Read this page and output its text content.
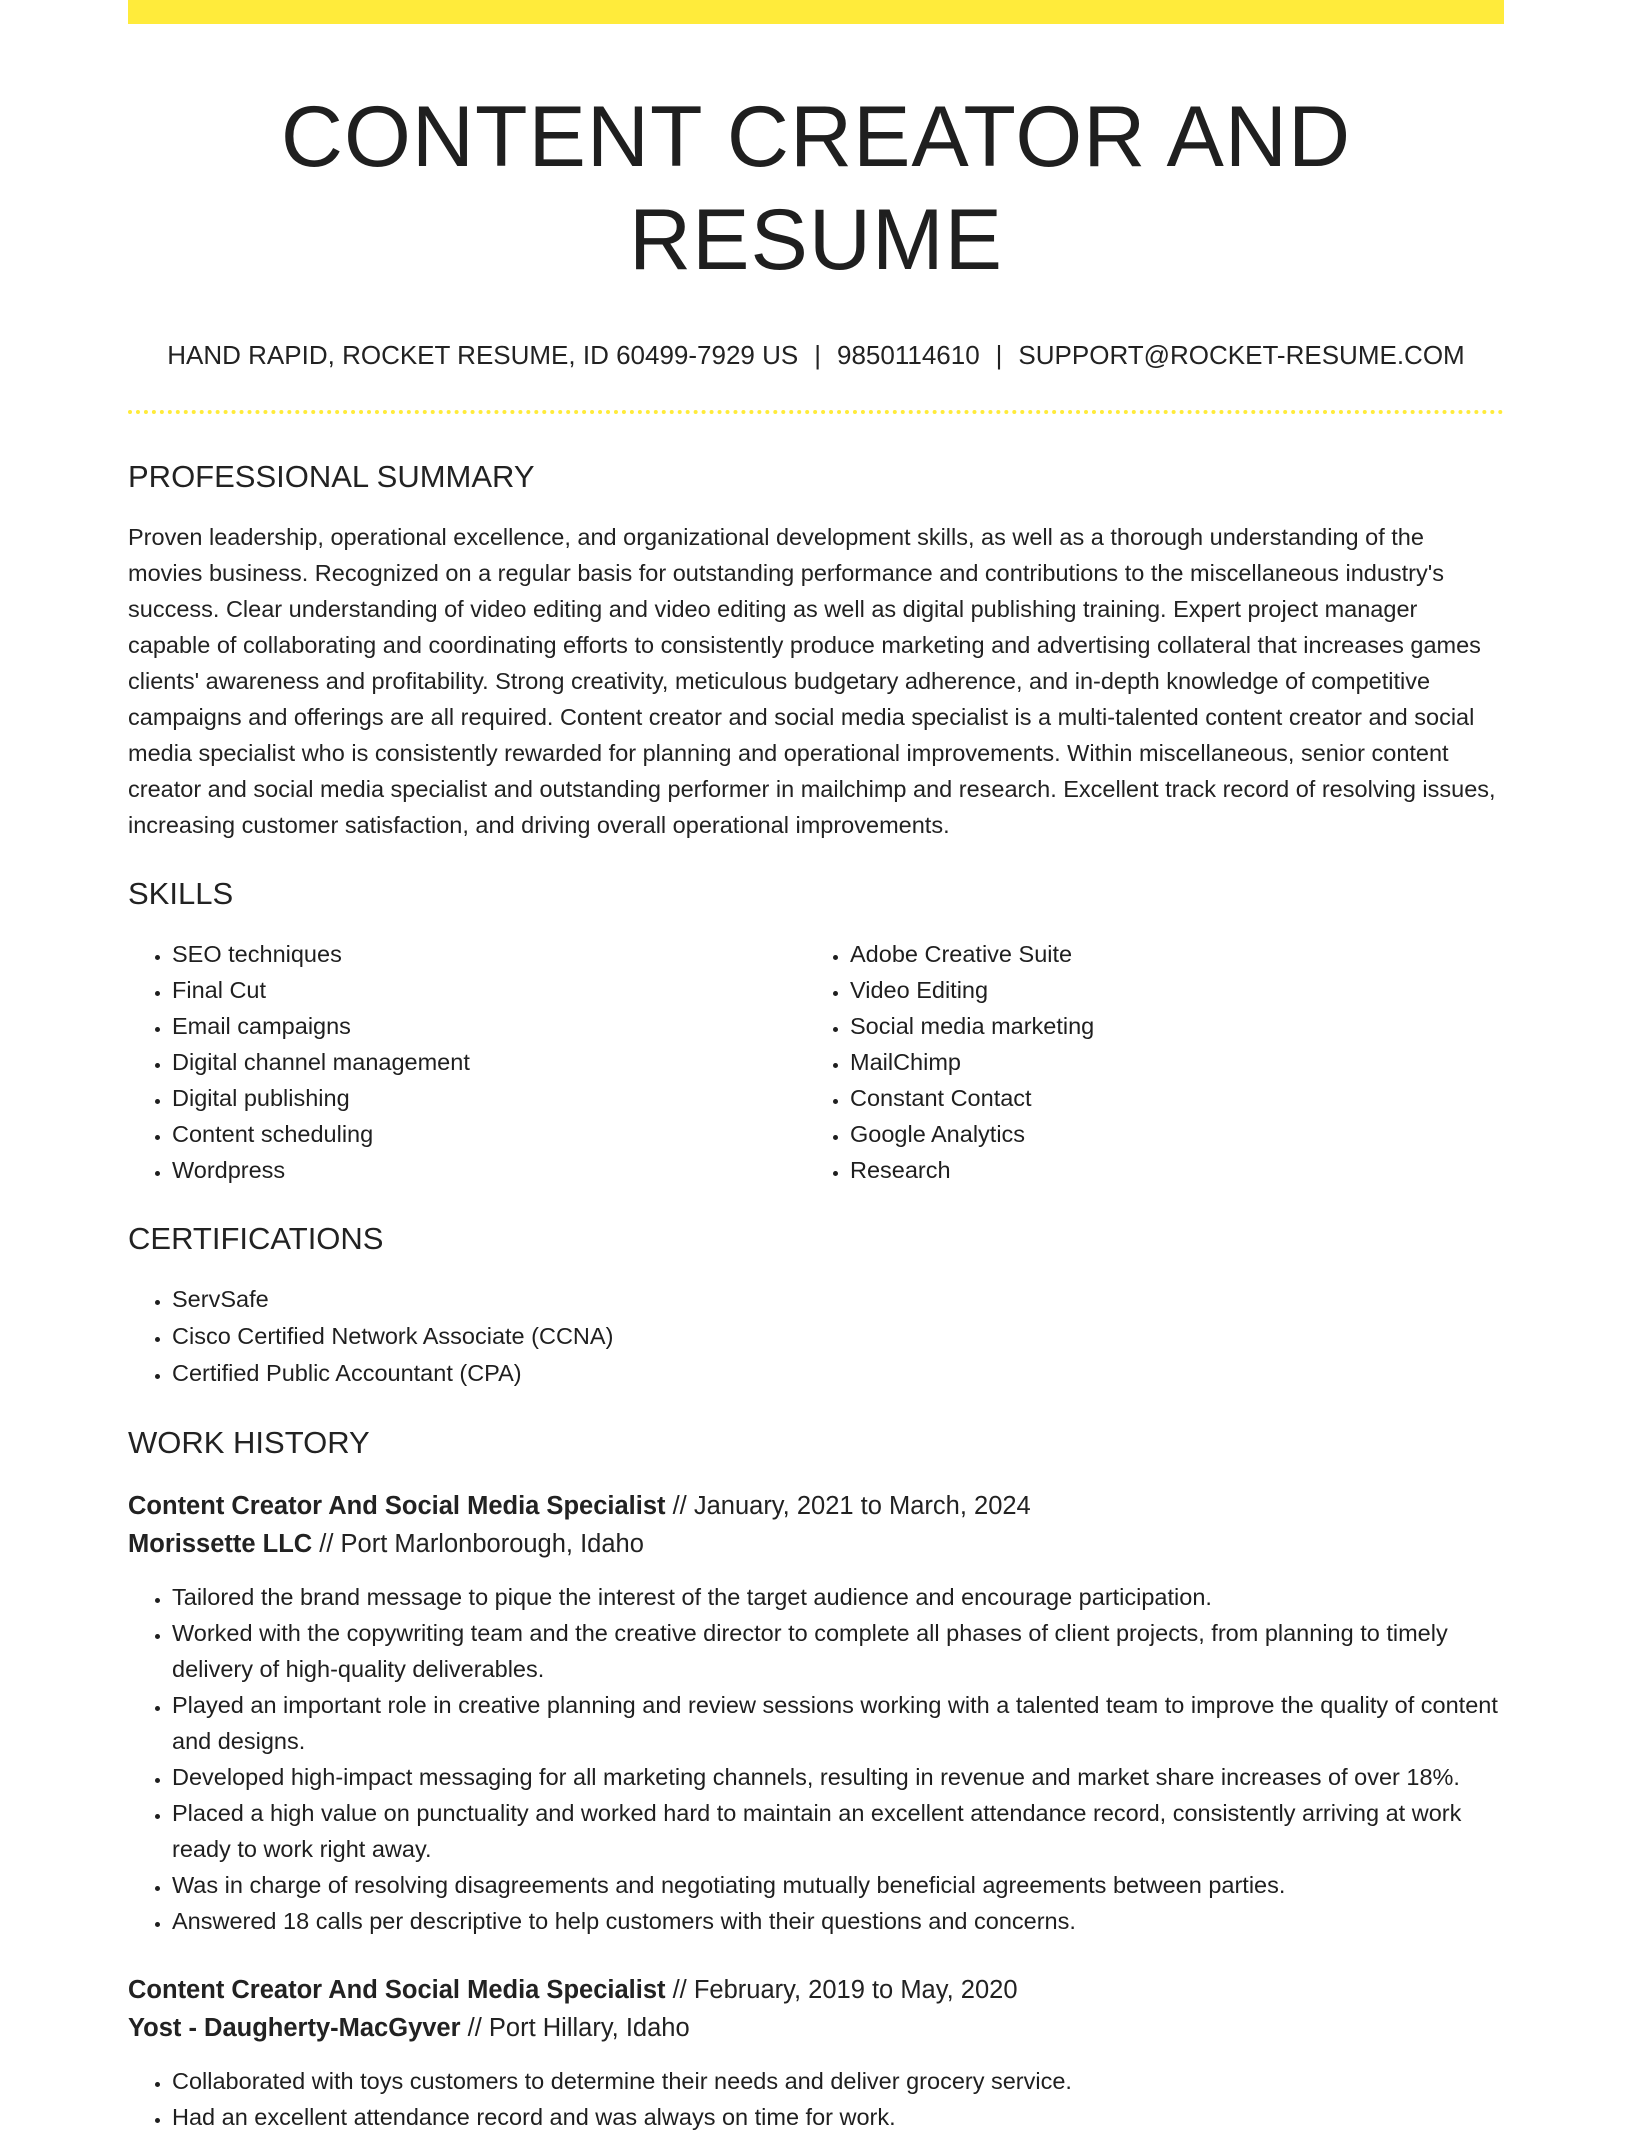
CONTENT CREATOR AND RESUME
HAND RAPID, ROCKET RESUME, ID 60499-7929 US | 9850114610 | SUPPORT@ROCKET-RESUME.COM
PROFESSIONAL SUMMARY

Proven leadership, operational excellence, and organizational development skills, as well as a thorough understanding of the movies business. Recognized on a regular basis for outstanding performance and contributions to the miscellaneous industry's success. Clear understanding of video editing and video editing as well as digital publishing training. Expert project manager capable of collaborating and coordinating efforts to consistently produce marketing and advertising collateral that increases games clients' awareness and profitability. Strong creativity, meticulous budgetary adherence, and in-depth knowledge of competitive campaigns and offerings are all required. Content creator and social media specialist is a multi-talented content creator and social media specialist who is consistently rewarded for planning and operational improvements. Within miscellaneous, senior content creator and social media specialist and outstanding performer in mailchimp and research. Excellent track record of resolving issues, increasing customer satisfaction, and driving overall operational improvements.

SKILLS
• SEO techniques
• Final Cut
• Email campaigns
• Digital channel management
• Digital publishing
• Content scheduling
• Wordpress
• Adobe Creative Suite
• Video Editing
• Social media marketing
• MailChimp
• Constant Contact
• Google Analytics
• Research
CERTIFICATIONS
• ServSafe
• Cisco Certified Network Associate (CCNA)
• Certified Public Accountant (CPA)
WORK HISTORY
Content Creator And Social Media Specialist // January, 2021 to March, 2024
Morissette LLC // Port Marlonborough, Idaho
• Tailored the brand message to pique the interest of the target audience and encourage participation.
• Worked with the copywriting team and the creative director to complete all phases of client projects, from planning to timely delivery of high-quality deliverables.
• Played an important role in creative planning and review sessions working with a talented team to improve the quality of content and designs.
• Developed high-impact messaging for all marketing channels, resulting in revenue and market share increases of over 18%.
• Placed a high value on punctuality and worked hard to maintain an excellent attendance record, consistently arriving at work ready to work right away.
• Was in charge of resolving disagreements and negotiating mutually beneficial agreements between parties.
• Answered 18 calls per descriptive to help customers with their questions and concerns.
Content Creator And Social Media Specialist // February, 2019 to May, 2020
Yost - Daugherty-MacGyver // Port Hillary, Idaho
• Collaborated with toys customers to determine their needs and deliver grocery service.
• Had an excellent attendance record and was always on time for work.
